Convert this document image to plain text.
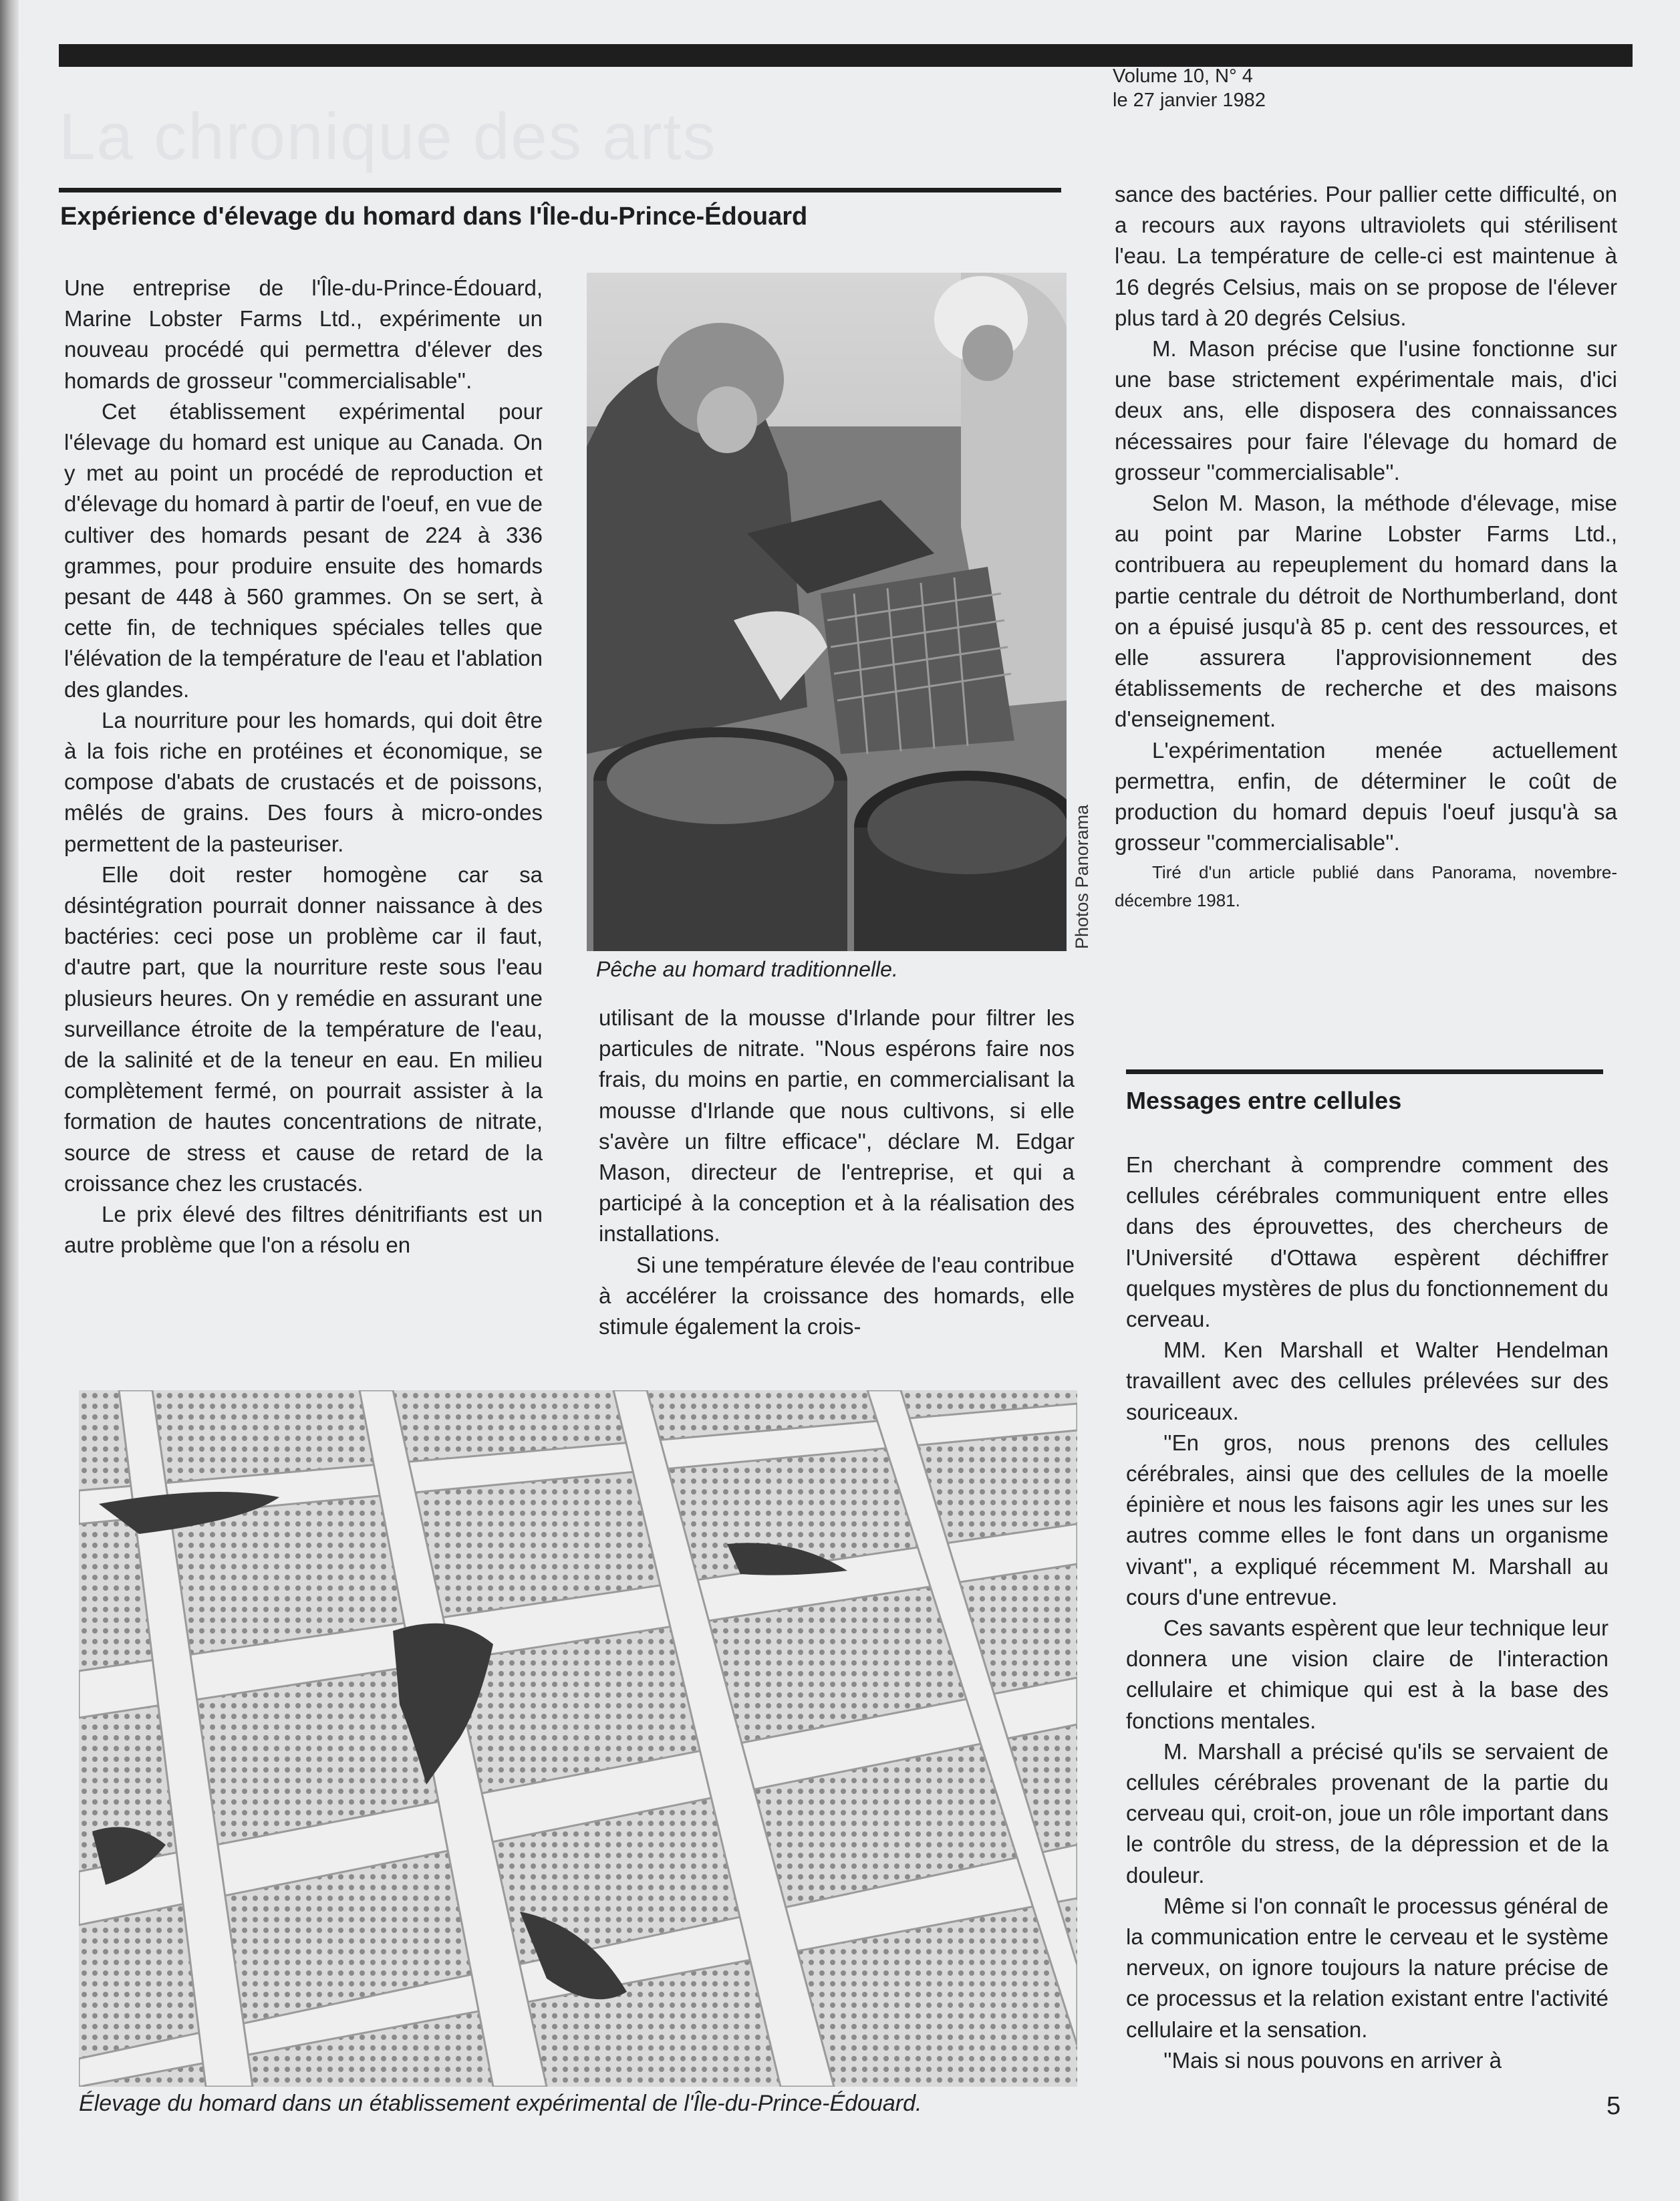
La chronique des arts
Volume 10, N° 4
le 27 janvier 1982
Expérience d'élevage du homard dans l'Île-du-Prince-Édouard

Une entreprise de l'Île-du-Prince-Édouard, Marine Lobster Farms Ltd., expérimente un nouveau procédé qui permettra d'élever des homards de grosseur ''commercialisable''.

Cet établissement expérimental pour l'élevage du homard est unique au Canada. On y met au point un procédé de reproduction et d'élevage du homard à partir de l'oeuf, en vue de cultiver des homards pesant de 224 à 336 grammes, pour produire ensuite des homards pesant de 448 à 560 grammes. On se sert, à cette fin, de techniques spéciales telles que l'élévation de la température de l'eau et l'ablation des glandes.

La nourriture pour les homards, qui doit être à la fois riche en protéines et économique, se compose d'abats de crustacés et de poissons, mêlés de grains. Des fours à micro-ondes permettent de la pasteuriser.

Elle doit rester homogène car sa désintégration pourrait donner naissance à des bactéries: ceci pose un problème car il faut, d'autre part, que la nourriture reste sous l'eau plusieurs heures. On y remédie en assurant une surveillance étroite de la température de l'eau, de la salinité et de la teneur en eau. En milieu complètement fermé, on pourrait assister à la formation de hautes concentrations de nitrate, source de stress et cause de retard de la croissance chez les crustacés.

Le prix élevé des filtres dénitrifiants est un autre problème que l'on a résolu en

Pêche au homard traditionnelle.
Photos Panorama

utilisant de la mousse d'Irlande pour filtrer les particules de nitrate. ''Nous espérons faire nos frais, du moins en partie, en commercialisant la mousse d'Irlande que nous cultivons, si elle s'avère un filtre efficace'', déclare M. Edgar Mason, directeur de l'entreprise, et qui a participé à la conception et à la réalisation des installations.

Si une température élevée de l'eau contribue à accélérer la croissance des homards, elle stimule également la crois-

sance des bactéries. Pour pallier cette difficulté, on a recours aux rayons ultraviolets qui stérilisent l'eau. La température de celle-ci est maintenue à 16 degrés Celsius, mais on se propose de l'élever plus tard à 20 degrés Celsius.

M. Mason précise que l'usine fonctionne sur une base strictement expérimentale mais, d'ici deux ans, elle disposera des connaissances nécessaires pour faire l'élevage du homard de grosseur ''commercialisable''.

Selon M. Mason, la méthode d'élevage, mise au point par Marine Lobster Farms Ltd., contribuera au repeuplement du homard dans la partie centrale du détroit de Northumberland, dont on a épuisé jusqu'à 85 p. cent des ressources, et elle assurera l'approvisionnement des établissements de recherche et des maisons d'enseignement.

L'expérimentation menée actuellement permettra, enfin, de déterminer le coût de production du homard depuis l'oeuf jusqu'à sa grosseur ''commercialisable''.

Tiré d'un article publié dans Panorama, novembre-décembre 1981.

Messages entre cellules

En cherchant à comprendre comment des cellules cérébrales communiquent entre elles dans des éprouvettes, des chercheurs de l'Université d'Ottawa espèrent déchiffrer quelques mystères de plus du fonctionnement du cerveau.

MM. Ken Marshall et Walter Hendelman travaillent avec des cellules prélevées sur des souriceaux.

''En gros, nous prenons des cellules cérébrales, ainsi que des cellules de la moelle épinière et nous les faisons agir les unes sur les autres comme elles le font dans un organisme vivant'', a expliqué récemment M. Marshall au cours d'une entrevue.

Ces savants espèrent que leur technique leur donnera une vision claire de l'interaction cellulaire et chimique qui est à la base des fonctions mentales.

M. Marshall a précisé qu'ils se servaient de cellules cérébrales provenant de la partie du cerveau qui, croit-on, joue un rôle important dans le contrôle du stress, de la dépression et de la douleur.

Même si l'on connaît le processus général de la communication entre le cerveau et le système nerveux, on ignore toujours la nature précise de ce processus et la relation existant entre l'activité cellulaire et la sensation.

''Mais si nous pouvons en arriver à

Élevage du homard dans un établissement expérimental de l'Île-du-Prince-Édouard.	5
